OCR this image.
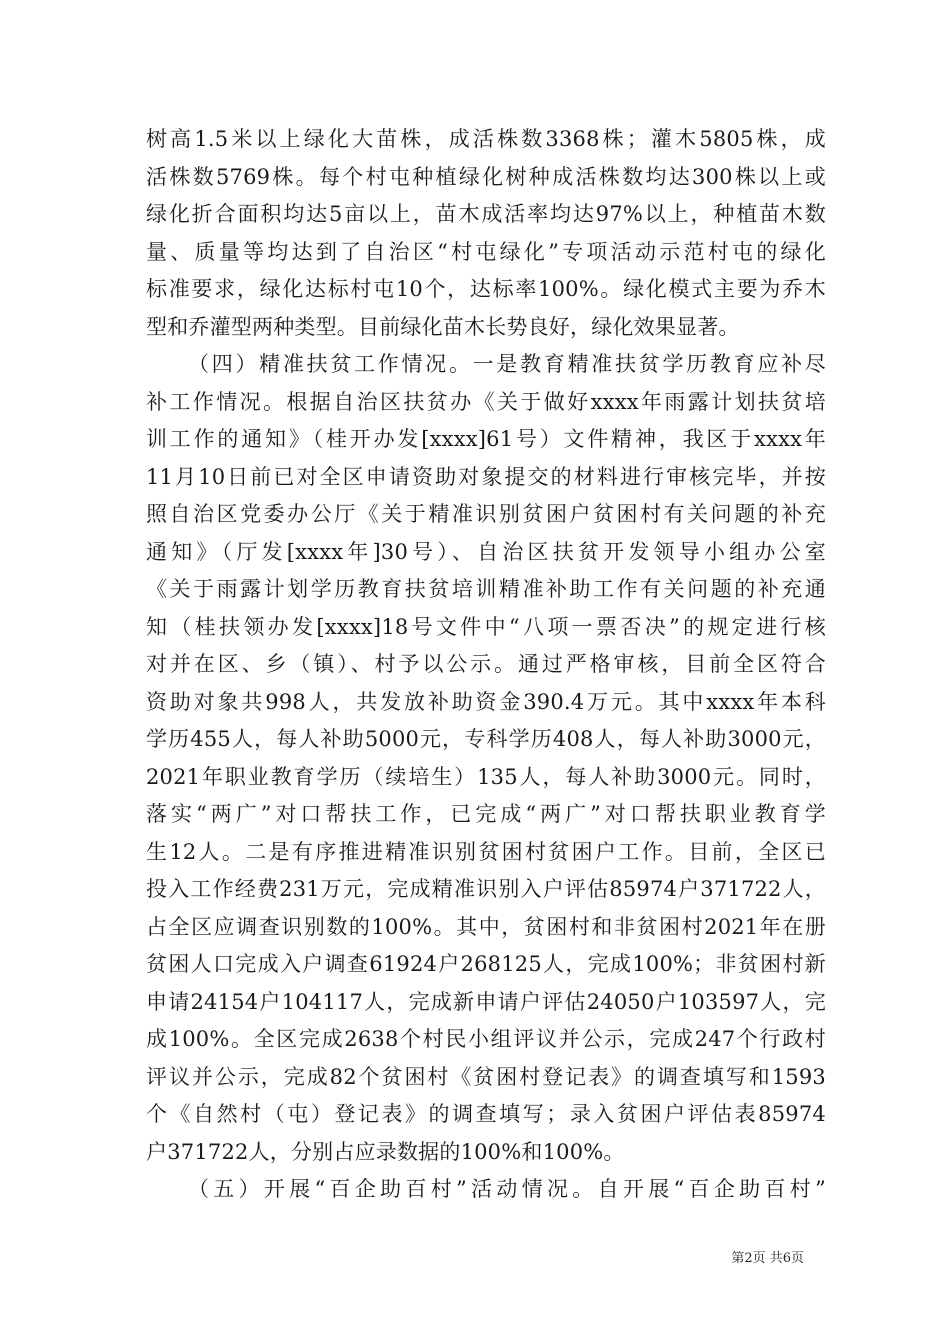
树高1.5米以上绿化大苗株，成活株数3368株；灌木5805株，成
活株数5769株。每个村屯种植绿化树种成活株数均达300株以上或
绿化折合面积均达5亩以上，苗木成活率均达97%以上，种植苗木数
量、质量等均达到了自治区“村屯绿化”专项活动示范村屯的绿化
标准要求，绿化达标村屯10个，达标率100%。绿化模式主要为乔木
型和乔灌型两种类型。目前绿化苗木长势良好，绿化效果显著。
（四）精准扶贫工作情况。一是教育精准扶贫学历教育应补尽
补工作情况。根据自治区扶贫办《关于做好xxxx年雨露计划扶贫培
训工作的通知》（桂开办发[xxxx]61号）文件精神，我区于xxxx年
11月10日前已对全区申请资助对象提交的材料进行审核完毕，并按
照自治区党委办公厅《关于精准识别贫困户贫困村有关问题的补充
通知》（厅发[xxxx年]30号）、自治区扶贫开发领导小组办公室
《关于雨露计划学历教育扶贫培训精准补助工作有关问题的补充通
知（桂扶领办发[xxxx]18号文件中“八项一票否决”的规定进行核
对并在区、乡（镇）、村予以公示。通过严格审核，目前全区符合
资助对象共998人，共发放补助资金390.4万元。其中xxxx年本科
学历455人，每人补助5000元，专科学历408人，每人补助3000元，
2021年职业教育学历（续培生）135人，每人补助3000元。同时，
落实“两广”对口帮扶工作，已完成“两广”对口帮扶职业教育学
生12人。二是有序推进精准识别贫困村贫困户工作。目前，全区已
投入工作经费231万元，完成精准识别入户评估85974户371722人，
占全区应调查识别数的100%。其中，贫困村和非贫困村2021年在册
贫困人口完成入户调查61924户268125人，完成100%；非贫困村新
申请24154户104117人，完成新申请户评估24050户103597人，完
成100%。全区完成2638个村民小组评议并公示，完成247个行政村
评议并公示，完成82个贫困村《贫困村登记表》的调查填写和1593
个《自然村（屯）登记表》的调查填写；录入贫困户评估表85974
户371722人，分别占应录数据的100%和100%。
（五）开展“百企助百村”活动情况。自开展“百企助百村”
第2页 共6页
